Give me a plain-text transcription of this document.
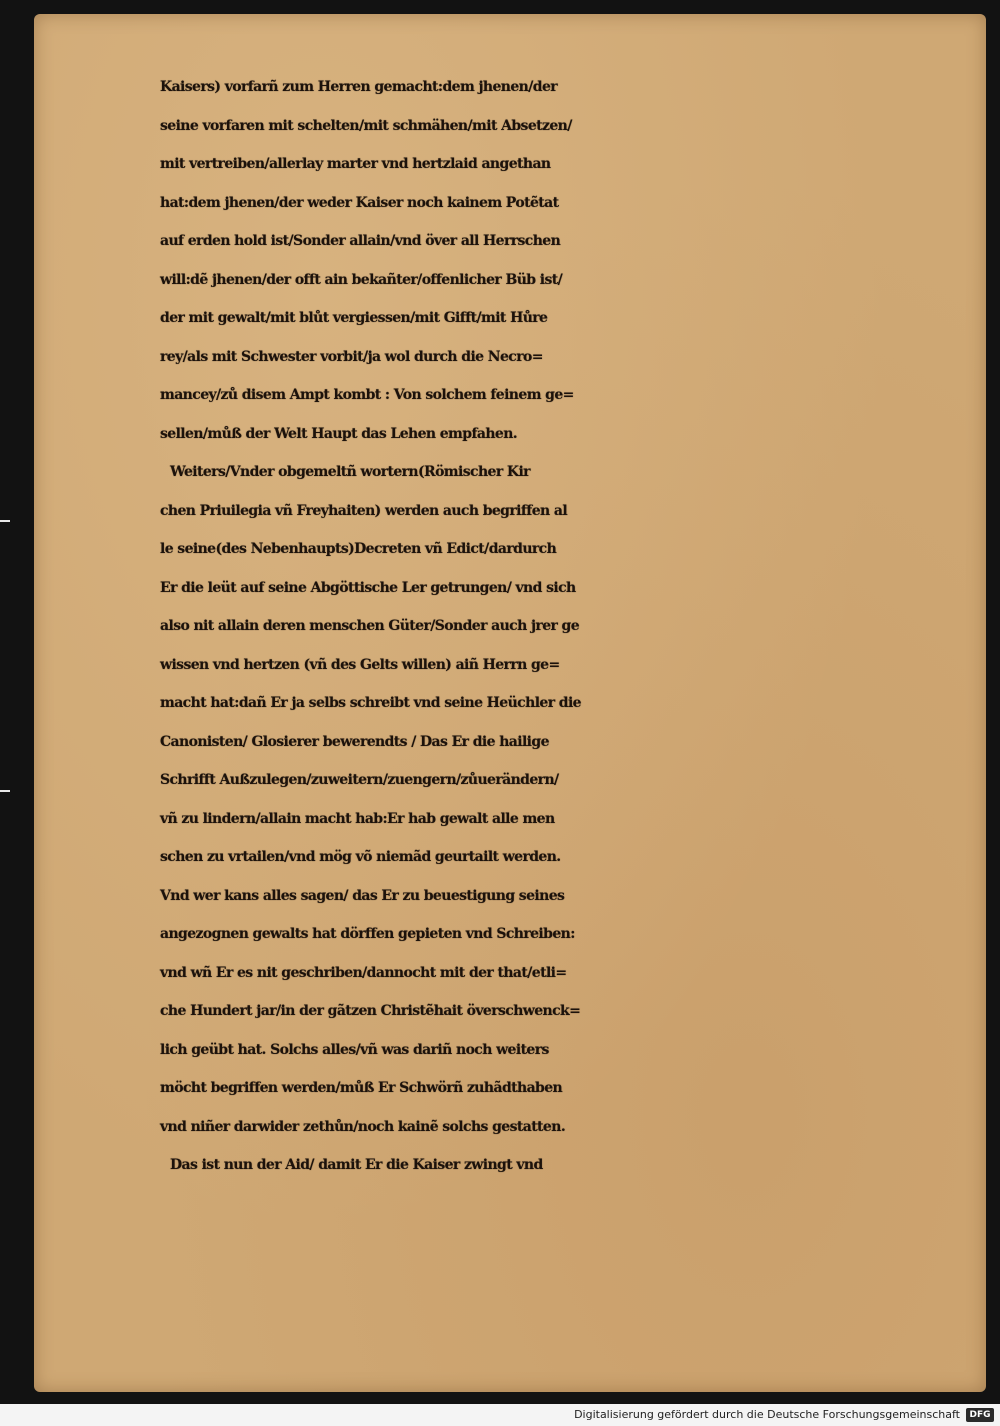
Kaisers) vorfarñ zum Herren gemacht:dem jhenen/der
seine vorfaren mit schelten/mit schmähen/mit Absetzen/
mit vertreiben/allerlay marter vnd hertzlaid angethan
hat:dem jhenen/der weder Kaiser noch kainem Potẽtat
auf erden hold ist/Sonder allain/vnd över all Herrschen
will:dẽ jhenen/der offt ain bekañter/offenlicher Büb ist/
der mit gewalt/mit blůt vergiessen/mit Gifft/mit Hůre
rey/als mit Schwester vorbit/ja wol durch die Necro=
mancey/zů disem Ampt kombt : Von solchem feinem ge=
sellen/můß der Welt Haupt das Lehen empfahen.
Weiters/Vnder obgemeltñ wortern(Römischer Kir
chen Priuilegia vñ Freyhaiten) werden auch begriffen al
le seine(des Nebenhaupts)Decreten vñ Edict/dardurch
Er die leüt auf seine Abgöttische Ler getrungen/ vnd sich
also nit allain deren menschen Güter/Sonder auch jrer ge
wissen vnd hertzen (vñ des Gelts willen) aiñ Herrn ge=
macht hat:dañ Er ja selbs schreibt vnd seine Heüchler die
Canonisten/ Glosierer bewerendts / Das Er die hailige
Schrifft Außzulegen/zuweitern/zuengern/zůuerändern/
vñ zu lindern/allain macht hab:Er hab gewalt alle men
schen zu vrtailen/vnd mög võ niemãd geurtailt werden.
Vnd wer kans alles sagen/ das Er zu beuestigung seines
angezognen gewalts hat dörffen gepieten vnd Schreiben:
vnd wñ Er es nit geschriben/dannocht mit der that/etli=
che Hundert jar/in der gãtzen Christẽhait överschwenck=
lich geübt hat. Solchs alles/vñ was dariñ noch weiters
möcht begriffen werden/můß Er Schwörñ zuhãdthaben
vnd niñer darwider zethůn/noch kainẽ solchs gestatten.
Das ist nun der Aid/ damit Er die Kaiser zwingt vnd
Digitalisierung gefördert durch die Deutsche Forschungsgemeinschaft	DFG
